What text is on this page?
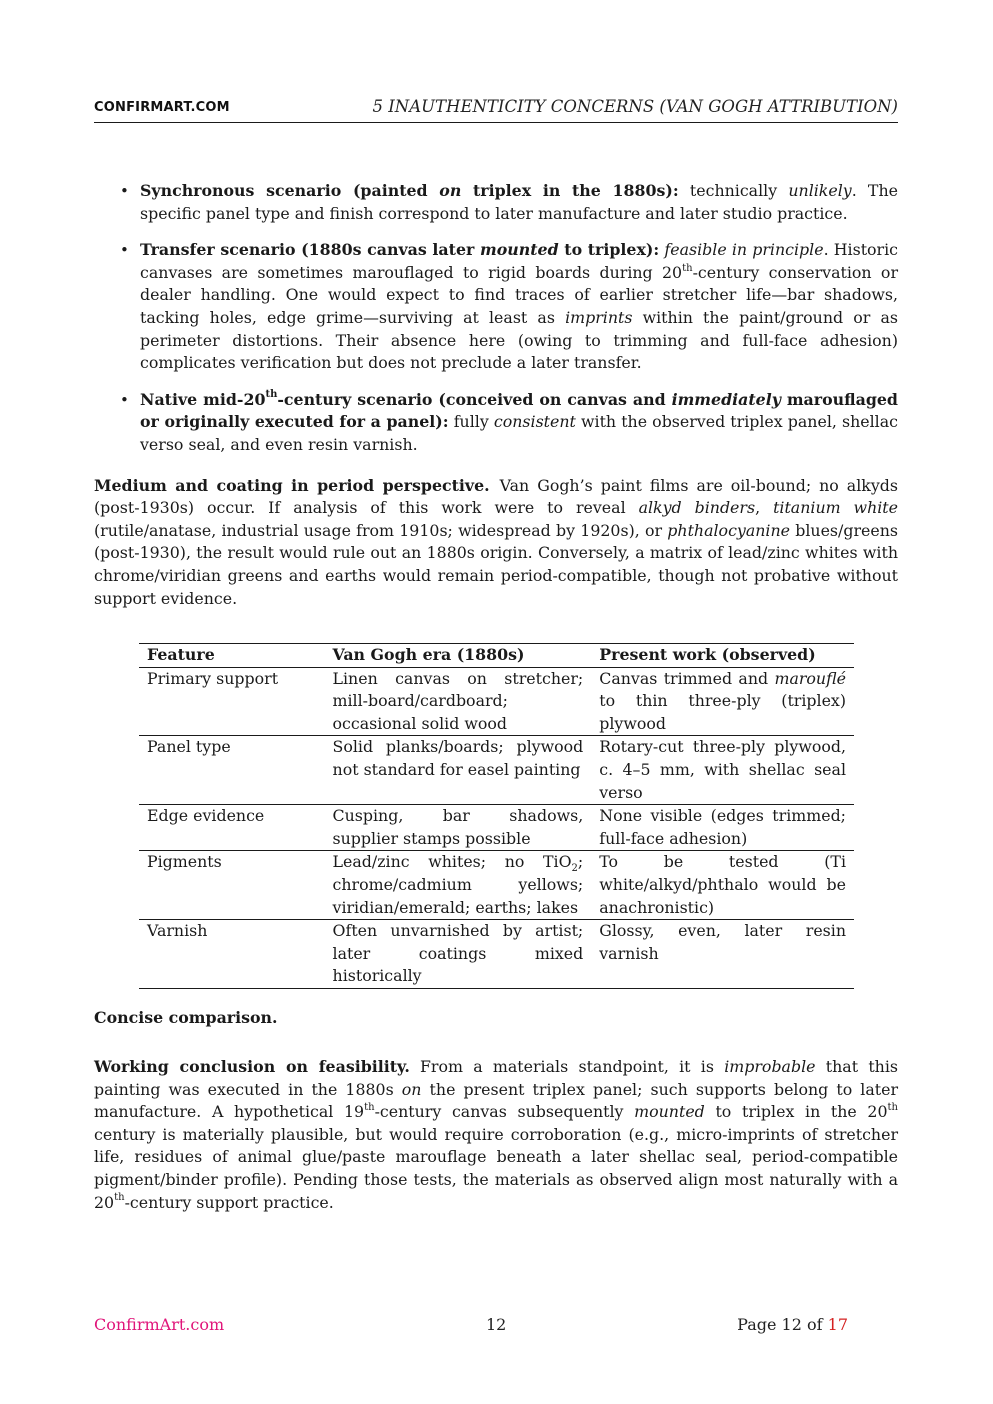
CONFIRMART.COM	5 INAUTHENTICITY CONCERNS (VAN GOGH ATTRIBUTION)
• Synchronous scenario (painted on triplex in the 1880s): technically unlikely. The specific panel type and finish correspond to later manufacture and later studio practice.
• Transfer scenario (1880s canvas later mounted to triplex): feasible in principle. Historic canvases are sometimes marouflaged to rigid boards during 20th-century conservation or dealer handling. One would expect to find traces of earlier stretcher life—bar shadows, tacking holes, edge grime—surviving at least as imprints within the paint/ground or as perimeter distortions. Their absence here (owing to trimming and full-face adhesion) complicates verification but does not preclude a later transfer.
• Native mid-20th-century scenario (conceived on canvas and immediately marouflaged or originally executed for a panel): fully consistent with the observed triplex panel, shellac verso seal, and even resin varnish.

Medium and coating in period perspective. Van Gogh’s paint films are oil-bound; no alkyds (post-1930s) occur. If analysis of this work were to reveal alkyd binders, titanium white (rutile/anatase, industrial usage from 1910s; widespread by 1920s), or phthalocyanine blues/greens (post-1930), the result would rule out an 1880s origin. Conversely, a matrix of lead/zinc whites with chrome/viridian greens and earths would remain period-compatible, though not probative without support evidence.

Feature	Van Gogh era (1880s)	Present work (observed)
Primary support	Linen canvas on stretcher; mill-board/cardboard; occasional solid wood	Canvas trimmed and marouflé to thin three-ply (triplex) plywood
Panel type	Solid planks/boards; plywood not standard for easel painting	Rotary-cut three-ply plywood, c. 4–5 mm, with shellac seal verso
Edge evidence	Cusping, bar shadows, supplier stamps possible	None visible (edges trimmed; full-face adhesion)
Pigments	Lead/zinc whites; no TiO$_2$; chrome/cadmium yellows; viridian/emerald; earths; lakes	To be tested (Ti white/alkyd/phthalo would be anachronistic)
Varnish	Often unvarnished by artist; later coatings mixed historically	Glossy, even, later resin varnish
Concise comparison.

Working conclusion on feasibility. From a materials standpoint, it is improbable that this painting was executed in the 1880s on the present triplex panel; such supports belong to later manufacture. A hypothetical 19th-century canvas subsequently mounted to triplex in the 20th century is materially plausible, but would require corroboration (e.g., micro-imprints of stretcher life, residues of animal glue/paste marouflage beneath a later shellac seal, period-compatible pigment/binder profile). Pending those tests, the materials as observed align most naturally with a 20th-century support practice.

ConfirmArt.com	12	Page 12 of 17
